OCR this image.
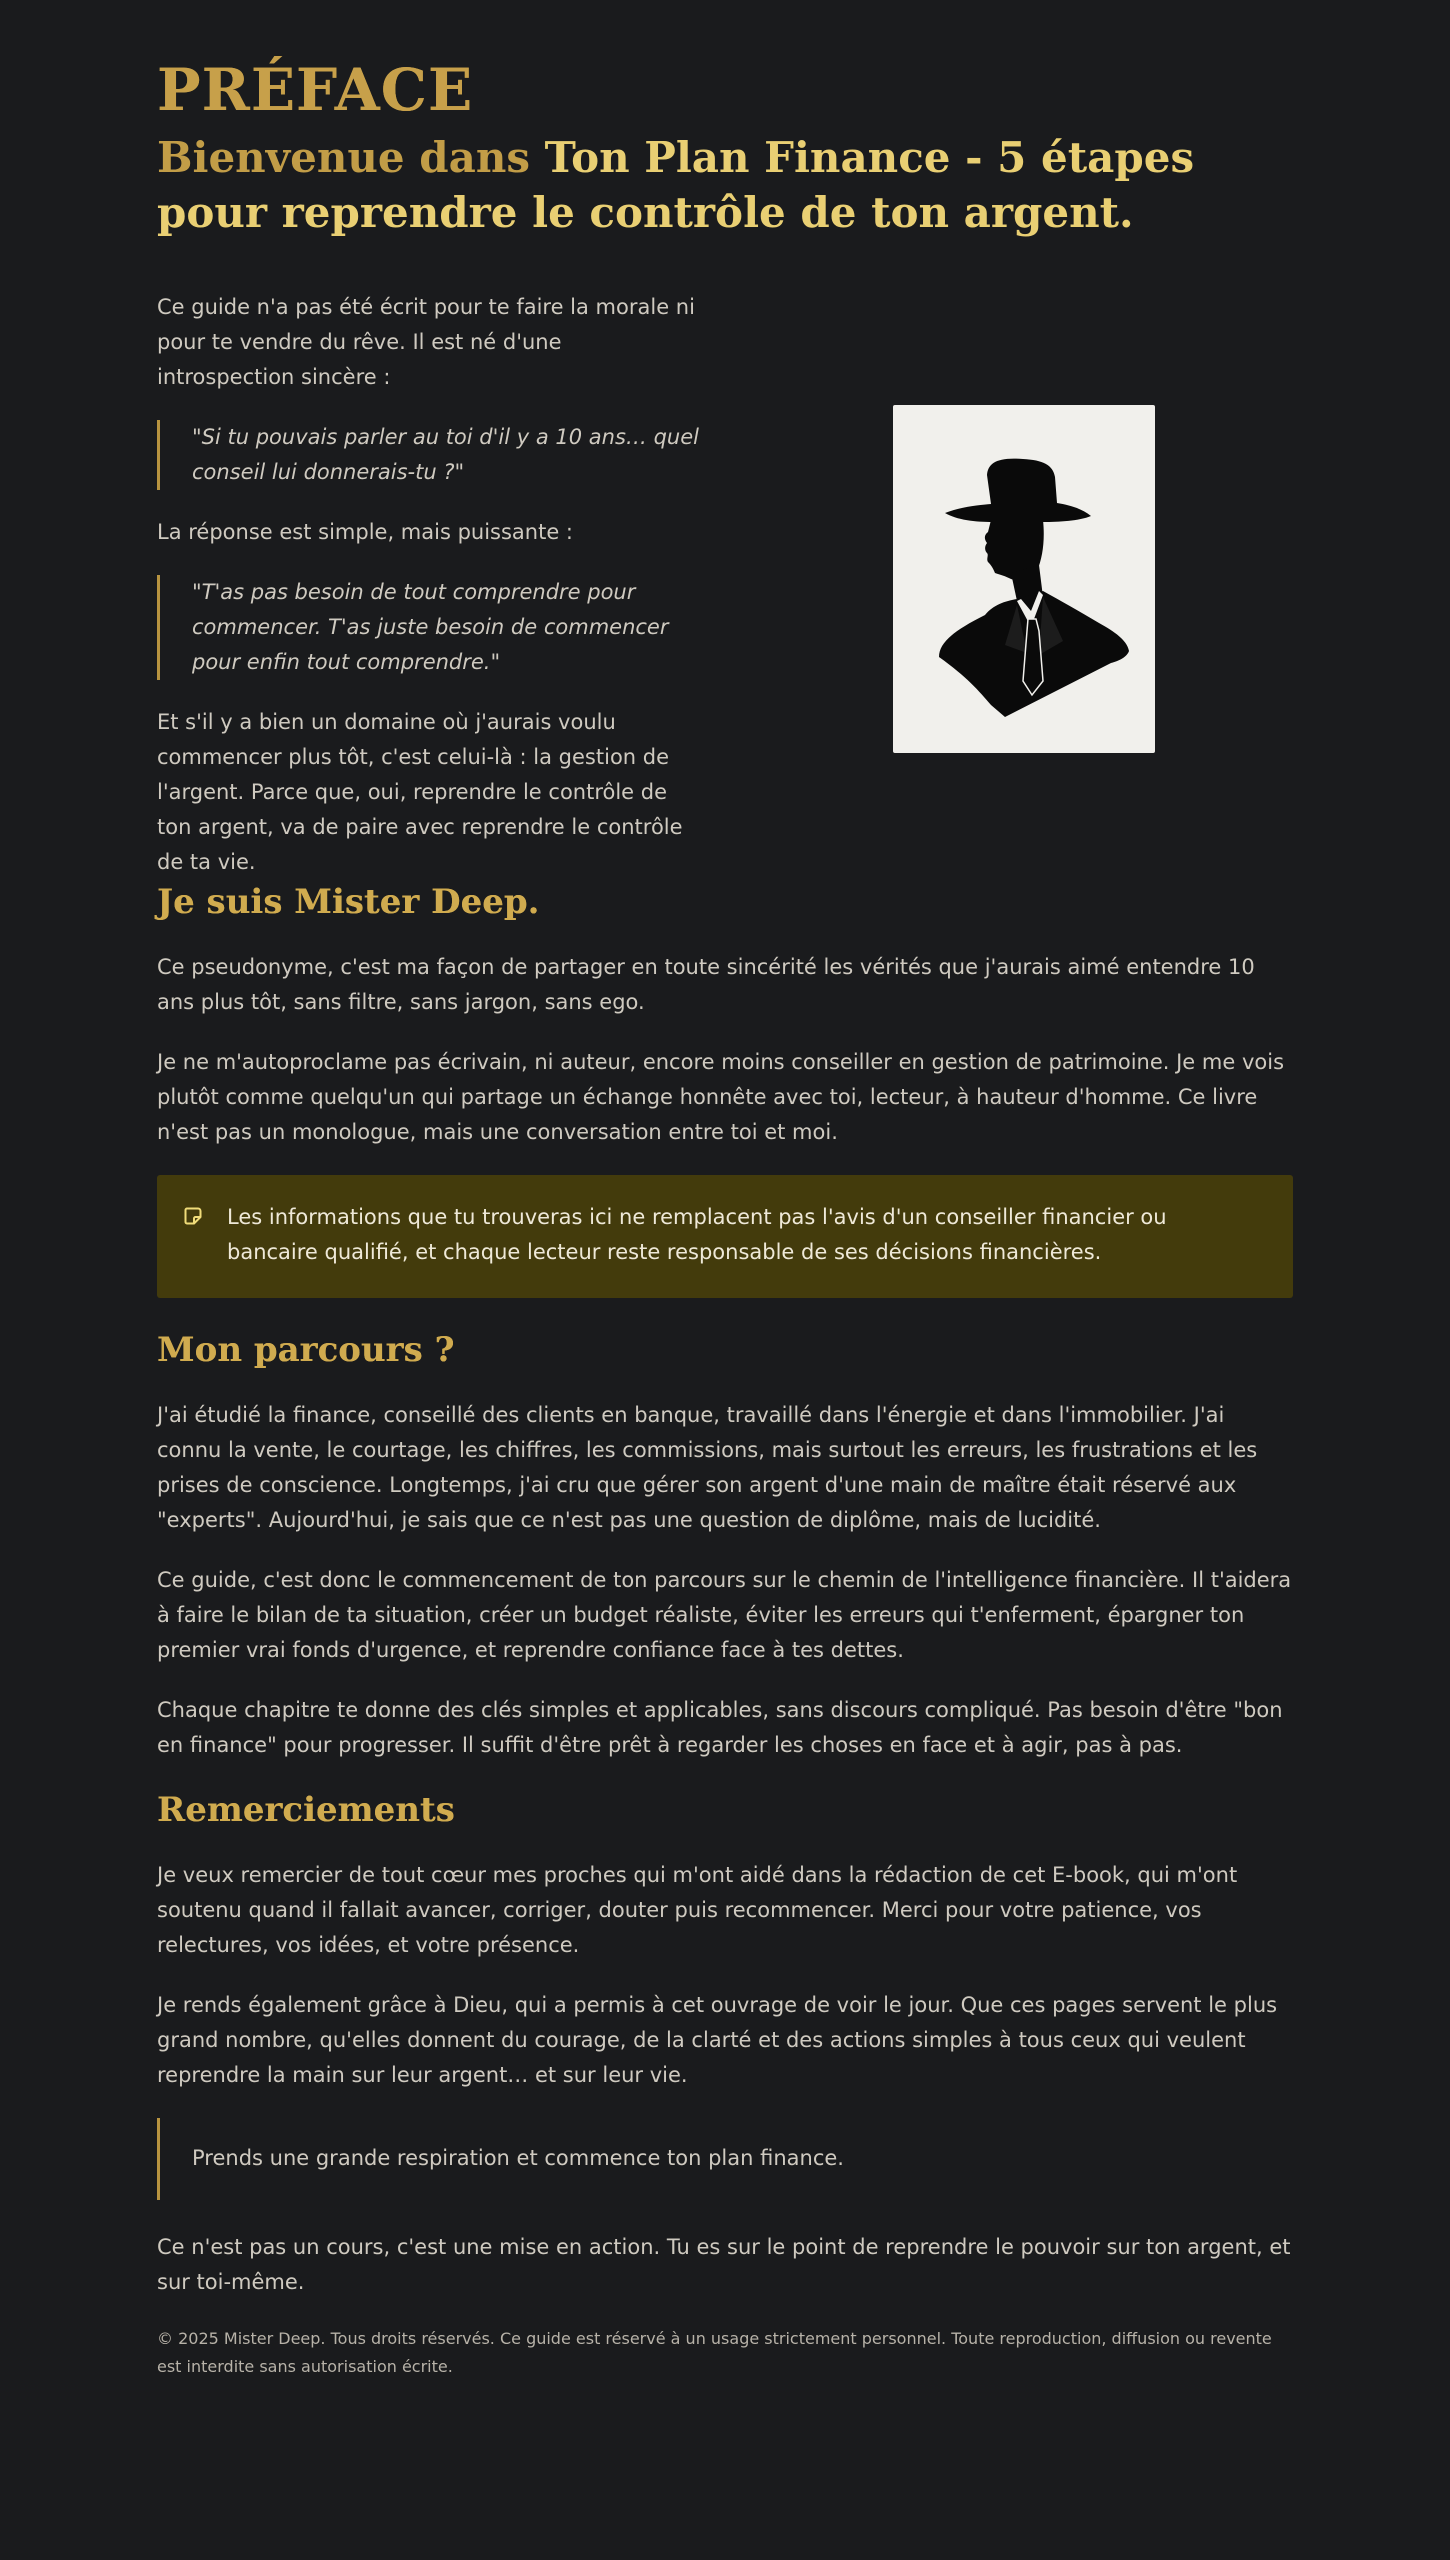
PRÉFACE
Bienvenue dans Ton Plan Finance - 5 étapes pour reprendre le contrôle de ton argent.

Ce guide n'a pas été écrit pour te faire la morale ni pour te vendre du rêve. Il est né d'une introspection sincère :

"Si tu pouvais parler au toi d'il y a 10 ans… quel conseil lui donnerais-tu ?"

La réponse est simple, mais puissante :

"T'as pas besoin de tout comprendre pour commencer. T'as juste besoin de commencer pour enfin tout comprendre."

Et s'il y a bien un domaine où j'aurais voulu commencer plus tôt, c'est celui-là : la gestion de l'argent. Parce que, oui, reprendre le contrôle de ton argent, va de paire avec reprendre le contrôle de ta vie.

Je suis Mister Deep.

Ce pseudonyme, c'est ma façon de partager en toute sincérité les vérités que j'aurais aimé entendre 10 ans plus tôt, sans filtre, sans jargon, sans ego.

Je ne m'autoproclame pas écrivain, ni auteur, encore moins conseiller en gestion de patrimoine. Je me vois plutôt comme quelqu'un qui partage un échange honnête avec toi, lecteur, à hauteur d'homme. Ce livre n'est pas un monologue, mais une conversation entre toi et moi.

Les informations que tu trouveras ici ne remplacent pas l'avis d'un conseiller financier ou bancaire qualifié, et chaque lecteur reste responsable de ses décisions financières.

Mon parcours ?

J'ai étudié la finance, conseillé des clients en banque, travaillé dans l'énergie et dans l'immobilier. J'ai connu la vente, le courtage, les chiffres, les commissions, mais surtout les erreurs, les frustrations et les prises de conscience. Longtemps, j'ai cru que gérer son argent d'une main de maître était réservé aux "experts". Aujourd'hui, je sais que ce n'est pas une question de diplôme, mais de lucidité.

Ce guide, c'est donc le commencement de ton parcours sur le chemin de l'intelligence financière. Il t'aidera à faire le bilan de ta situation, créer un budget réaliste, éviter les erreurs qui t'enferment, épargner ton premier vrai fonds d'urgence, et reprendre confiance face à tes dettes.

Chaque chapitre te donne des clés simples et applicables, sans discours compliqué. Pas besoin d'être "bon en finance" pour progresser. Il suffit d'être prêt à regarder les choses en face et à agir, pas à pas.

Remerciements

Je veux remercier de tout cœur mes proches qui m'ont aidé dans la rédaction de cet E-book, qui m'ont soutenu quand il fallait avancer, corriger, douter puis recommencer. Merci pour votre patience, vos relectures, vos idées, et votre présence.

Je rends également grâce à Dieu, qui a permis à cet ouvrage de voir le jour. Que ces pages servent le plus grand nombre, qu'elles donnent du courage, de la clarté et des actions simples à tous ceux qui veulent reprendre la main sur leur argent… et sur leur vie.

Prends une grande respiration et commence ton plan finance.

Ce n'est pas un cours, c'est une mise en action. Tu es sur le point de reprendre le pouvoir sur ton argent, et sur toi-même.

© 2025 Mister Deep. Tous droits réservés. Ce guide est réservé à un usage strictement personnel. Toute reproduction, diffusion ou revente est interdite sans autorisation écrite.
